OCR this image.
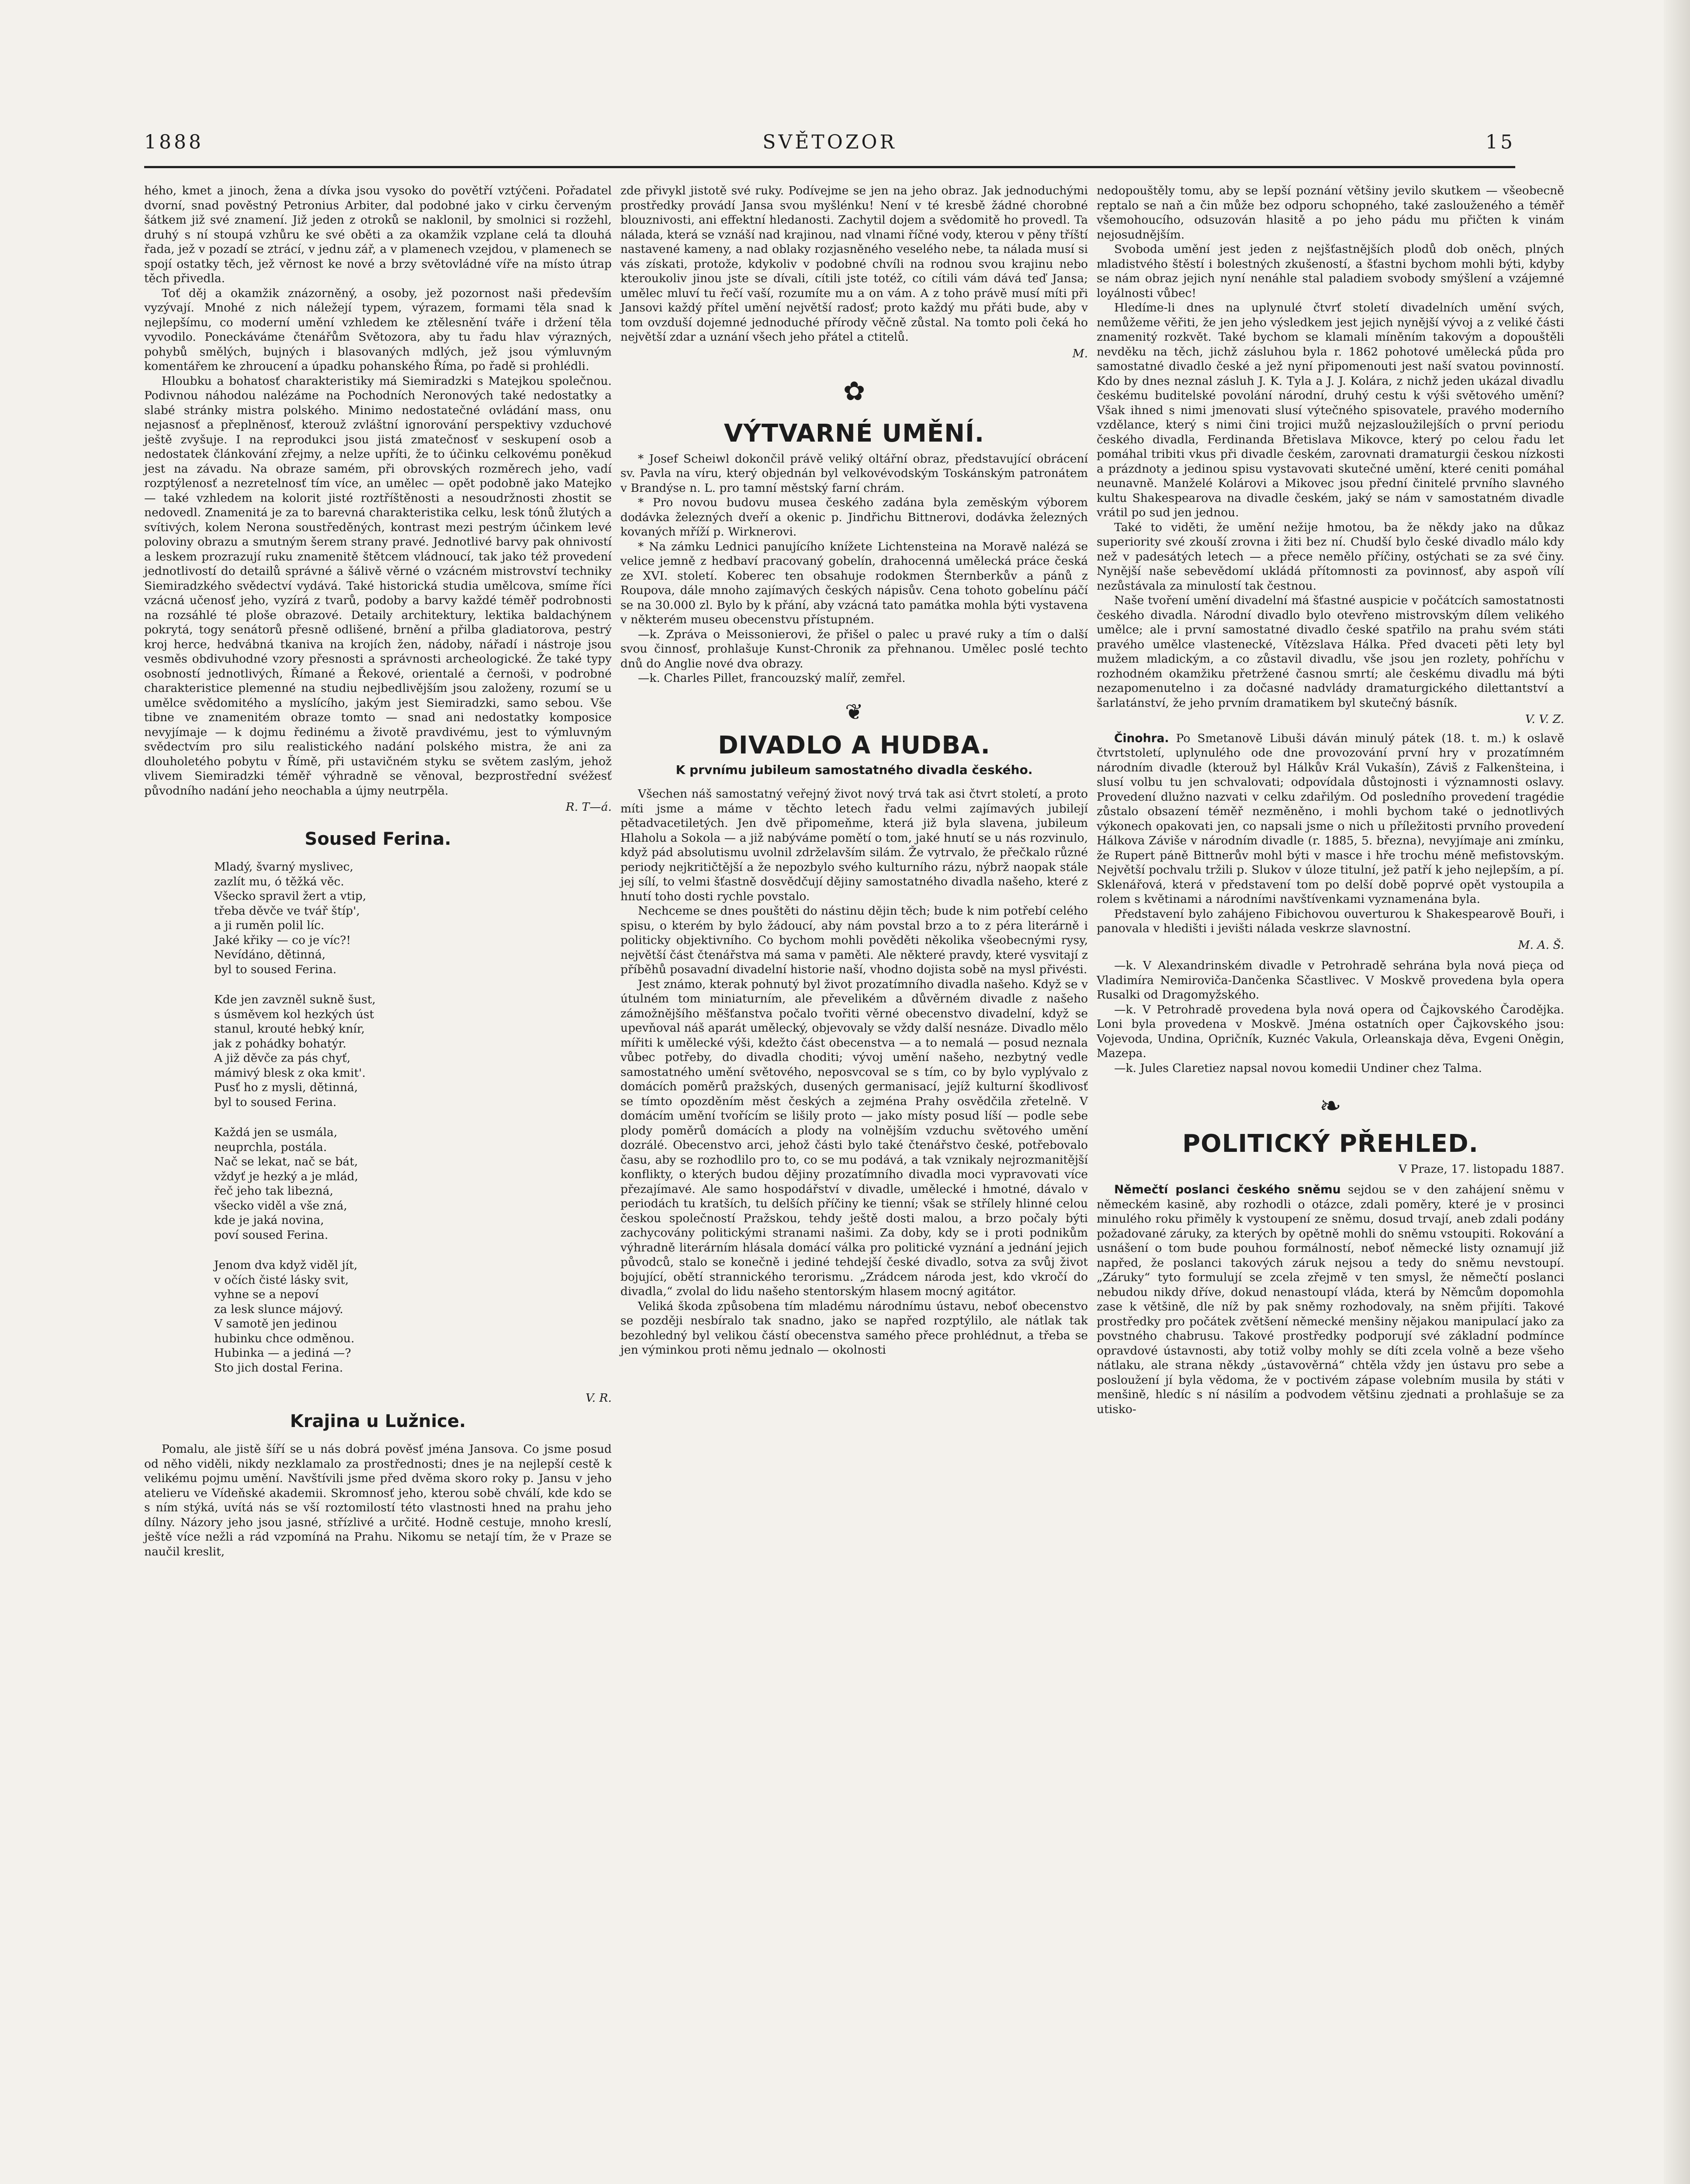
1888	SVĚTOZOR	15

hého, kmet a jinoch, žena a dívka jsou vysoko do povětří vztýčeni. Pořadatel dvorní, snad pověstný Petronius Arbiter, dal podobné jako v cirku červeným šátkem již své znamení. Již jeden z otroků se naklonil, by smolnici si rozžehl, druhý s ní stoupá vzhůru ke své oběti a za okamžik vzplane celá ta dlouhá řada, jež v pozadí se ztrácí, v jednu zář, a v plamenech vzejdou, v plamenech se spojí ostatky těch, jež věrnost ke nové a brzy světovládné víře na místo útrap těch přivedla.

Toť děj a okamžik znázorněný, a osoby, jež pozornost naši především vyzývají. Mnohé z nich náležejí typem, výrazem, formami těla snad k nejlepšímu, co moderní umění vzhledem ke ztělesnění tváře i držení těla vyvodilo. Poneckáváme čtenářům Světozora, aby tu řadu hlav výrazných, pohybů smělých, bujných i blasovaných mdlých, jež jsou výmluvným komentářem ke zhroucení a úpadku pohanského Říma, po řadě si prohlédli.

Hloubku a bohatosť charakteristiky má Siemiradzki s Matejkou společnou. Podivnou náhodou nalézáme na Pochodních Neronových také nedostatky a slabé stránky mistra polského. Minimo nedostatečné ovládání mass, onu nejasnosť a přeplněnosť, kterouž zvláštní ignorování perspektivy vzduchové ještě zvyšuje. I na reprodukci jsou jistá zmatečnosť v seskupení osob a nedostatek článkování zřejmy, a nelze upříti, že to účinku celkovému poněkud jest na závadu. Na obraze samém, při obrovských rozměrech jeho, vadí rozptýlenosť a nezretelnosť tím více, an umělec — opět podobně jako Matejko — také vzhledem na kolorit jisté roztříštěnosti a nesoudržnosti zhostit se nedovedl. Znamenitá je za to barevná charakteristika celku, lesk tónů žlutých a svítivých, kolem Nerona soustředěných, kontrast mezi pestrým účinkem levé poloviny obrazu a smutným šerem strany pravé. Jednotlivé barvy pak ohnivostí a leskem prozrazují ruku znamenitě štětcem vládnoucí, tak jako též provedení jednotlivostí do detailů správné a šálivě věrné o vzácném mistrovství techniky Siemiradzkého svědectví vydává. Také historická studia umělcova, smíme říci vzácná učenosť jeho, vyzírá z tvarů, podoby a barvy každé téměř podrobnosti na rozsáhlé té ploše obrazové. Detaily architektury, lektika baldachýnem pokrytá, togy senátorů přesně odlišené, brnění a přilba gladiatorova, pestrý kroj herce, hedvábná tkaniva na krojích žen, nádoby, nářadí i nástroje jsou vesměs obdivuhodné vzory přesnosti a správnosti archeologické. Že také typy osobností jednotlivých, Římané a Řekové, orientalé a černoši, v podrobné charakteristice plemenné na studiu nejbedlivějším jsou založeny, rozumí se u umělce svědomitého a myslícího, jakým jest Siemiradzki, samo sebou. Vše tibne ve znamenitém obraze tomto — snad ani nedostatky komposice nevyjímaje — k dojmu ředinému a životě pravdivému, jest to výmluvným svědectvím pro silu realistického nadání polského mistra, že ani za dlouholetého pobytu v Římě, při ustavičném styku se světem zasl​ým, jehož vlivem Siemiradzki téměř výhradně se věnoval, bezprostřední svéžesť původního nadání jeho neochabla a újmy neutrpěla.

R. T—á.
Soused Ferina.
Mladý, švarný myslivec,
zazlít mu, ó těžká věc.
Všecko spravil žert a vtip,
třeba děvče ve tvář štíp',
a ji ruměn polil líc.
Jaké křiky — co je víc?!
Nevídáno, dětinná,
byl to soused Ferina.
Kde jen zavzněl sukně šust,
s úsměvem kol hezkých úst
stanul, krouté hebký knír,
jak z pohádky bohatýr.
A již děvče za pás chyť,
mámivý blesk z oka kmit'.
Pusť ho z mysli, dětinná,
byl to soused Ferina.
Každá jen se usmála,
neuprchla, postála.
Nač se lekat, nač se bát,
vždyť je hezký a je mlád,
řeč jeho tak libezná,
všecko viděl a vše zná,
kde je jaká novina,
poví soused Ferina.
Jenom dva když viděl jít,
v očích čisté lásky svit,
vyhne se a nepoví
za lesk slunce májový.
V samotě jen jedinou
hubinku chce odměnou.
Hubinka — a jediná —?
Sto jich dostal Ferina.
V. R.
Krajina u Lužnice.

Pomalu, ale jistě šíří se u nás dobrá pověsť jména Jansova. Co jsme posud od něho viděli, nikdy nezklamalo za prostřednosti; dnes je na nejlepší cestě k velikému pojmu umění. Navštívili jsme před dvěma skoro roky p. Jansu v jeho atelieru ve Vídeňské akademii. Skromnosť jeho, kterou sobě chválí, kde kdo se s ním stýká, uvítá nás se vší roztomilostí této vlastnosti hned na prahu jeho dílny. Názory jeho jsou jasné, střízlivé a určité. Hodně cestuje, mnoho kreslí, ještě více nežli a rád vzpomíná na Prahu. Nikomu se netají tím, že v Praze se naučil kreslit,

zde přivykl jistotě své ruky. Podívejme se jen na jeho obraz. Jak jednoduchými prostředky provádí Jansa svou myšlénku! Není v té kresbě žádné chorobné blouznivosti, ani effektní hledanosti. Zachytil dojem a svědomitě ho provedl. Ta nálada, která se vznáší nad krajinou, nad vlnami říčné vody, kterou v pěny tříští nastavené kameny, a nad oblaky rozjasněného veselého nebe, ta nálada musí si vás získati, protože, kdykoliv v podobné chvíli na rodnou svou krajinu nebo kteroukoliv jinou jste se dívali, cítili jste totéž, co cítili vám dává teď Jansa; umělec mluví tu řečí vaší, rozumíte mu a on vám. A z toho právě musí míti při Jansovi každý přítel umění největší radosť; proto každý mu přáti bude, aby v tom ovzduší dojemné jednoduché přírody věčně zůstal. Na tomto poli čeká ho největší zdar a uznání všech jeho přátel a ctitelů.

M.
✿
VÝTVARNÉ UMĚNÍ.

* Josef Scheiwl dokončil právě veliký oltářní obraz, představující obrácení sv. Pavla na víru, který objednán byl velkovévodským Toskánským patronátem v Brandýse n. L. pro tamní městský farní chrám.

* Pro novou budovu musea českého zadána byla zeměským výborem dodávka železných dveří a okenic p. Jindřichu Bittnerovi, dodávka železných kovaných mříží p. Wirknerovi.

* Na zámku Lednici panujícího knížete Lichtensteina na Moravě nalézá se velice jemně z hedbaví pracovaný gobelín, drahocenná umělecká práce česká ze XVI. století. Koberec ten obsahuje rodokmen Šternberkův a pánů z Roupova, dále mnoho zajímavých českých nápisův. Cena tohoto gobelínu páčí se na 30.000 zl. Bylo by k přání, aby vzácná tato památka mohla býti vystavena v některém museu obecenstvu přístupném.

—k. Zpráva o Meissonierovi, že přišel o palec u pravé ruky a tím o další svou činnosť, prohlašuje Kunst-Chronik za přehnanou. Umělec poslé techto dnů do Anglie nové dva obrazy.

—k. Charles Pillet, francouzský malíř, zemřel.

❦
DIVADLO A HUDBA.
K prvnímu jubileum samostatného divadla českého.

Všechen náš samostatný veřejný život nový trvá tak asi čtvrt století, a proto míti jsme a máme v těchto letech řadu velmi zajímavých jubilejí pětadvacetiletých. Jen dvě připomeňme, která již byla slavena, jubileum Hlaholu a Sokola — a již nabýváme pomětí o tom, jaké hnutí se u nás rozvinulo, když pád absolutismu uvolnil zdrželavším silám. Že vytrvalo, že přečkalo různé periody nejkritičtější a že nepozbylo svého kulturního rázu, nýbrž naopak stále jej sílí, to velmi šťastně dosvědčují dějiny samostatného divadla našeho, které z hnutí toho dosti rychle povstalo.

Nechceme se dnes pouštěti do nástinu dějin těch; bude k nim potřebí celého spisu, o kterém by bylo žádoucí, aby nám povstal brzo a to z péra literárně i politicky objektivního. Co bychom mohli pověděti několika všeobecnými rysy, největší část čtenářstva má sama v paměti. Ale některé pravdy, které vysvitají z příběhů posavadní divadelní historie naší, vhodno dojista sobě na mysl přivésti.

Jest známo, kterak pohnutý byl život prozatímního divadla našeho. Když se v útulném tom miniaturním, ale převelikém a důvěrném divadle z našeho zámožnějšího měšťanstva počalo tvořiti věrné obecenstvo divadelní, když se upevňoval náš aparát umělecký, objevovaly se vždy další nesnáze. Divadlo mělo mířiti k umělecké výši, kdežto část obecenstva — a to nemalá — posud neznala vůbec potřeby, do divadla choditi; vývoj umění našeho, nezbytný vedle samostatného umění světového, neposvcoval se s tím, co by bylo vyplývalo z domácích poměrů pražských, dusených germanisací, jejíž kulturní škodlivosť se tímto opozděním měst českých a zejména Prahy osvědčila zřetelně. V domácím umění tvořícím se lišily proto — jako místy posud líší — podle sebe plody poměrů domácích a plody na volnějším vzduchu světového umění dozrálé. Obecenstvo arci, jehož části bylo také čtenářstvo české, potřebovalo času, aby se rozhodlilo pro to, co se mu podává, a tak vznikaly nejrozmanitější konflikty, o kterých budou dějiny prozatímního divadla moci vypravovati více přezajímavé. Ale samo hospodářství v divadle, umělecké i hmotné, dávalo v periodách tu kratších, tu delších příčiny ke tienní; však se střílely hlinné celou českou společností Pražskou, tehdy ještě dosti malou, a brzo počaly býti zachycovány politickými stranami našimi. Za doby, kdy se i proti podnikům výhradně literárním hlásala domácí válka pro politické vyznání a jednání jejich původců, stalo se konečně i jediné tehdejší české divadlo, sotva za svůj život bojující, obětí strannického terorismu. „Zrádcem národa jest, kdo vkročí do divadla,“ zvolal do lidu našeho stentorským hlasem mocný agitátor.

Veliká škoda způsobena tím mladému národnímu ústavu, neboť obecenstvo se později nesbíralo tak snadno, jako se napřed rozptýlilo, ale nátlak tak bezohledný byl velikou částí obecenstva samého přece prohlédnut, a třeba se jen výminkou proti němu jednalo — okolnosti

nedopouštěly tomu, aby se lepší poznání většiny jevilo skutkem — všeobecně reptalo se naň a čin může bez odporu schopného, také zaslouženého a téměř všemohoucího, odsuzován hlasitě a po jeho pádu mu přičten k vinám nejosudnějším.

Svoboda umění jest jeden z nejšťastnějších plodů dob oněch, plných mladistvého štěstí i bolestných zkušeností, a šťastni bychom mohli býti, kdyby se nám obraz jejich nyní nenáhle stal paladiem svobody smýšlení a vzájemné loyálnosti vůbec!

Hledíme-li dnes na uplynulé čtvrť století divadelních umění svých, nemůžeme věřiti, že jen jeho výsledkem jest jejich nynější vývoj a z veliké části znamenitý rozkvět. Také bychom se klamali míněním takovým a dopouštěli nevděku na těch, jichž zásluhou byla r. 1862 pohotové umělecká půda pro samostatné divadlo české a jež nyní připomenouti jest naší svatou povinností. Kdo by dnes neznal zásluh J. K. Tyla a J. J. Kolára, z nichž jeden ukázal divadlu českému buditelské povolání národní, druhý cestu k výši světového umění? Však ihned s nimi jmenovati slusí výtečného spisovatele, pravého moderního vzdělance, který s nimi čini trojici mužů nejzasloužilejších o první periodu českého divadla, Ferdinanda Břetislava Mikovce, který po celou řadu let pomáhal tribiti vkus při divadle českém, zarovnati dramaturgii českou nízkosti a prázdnoty a jedinou spisu vystavovati skutečné umění, které ceniti pomáhal neunavně. Manželé Kolárovi a Mikovec jsou přední činitelé prvního slavného kultu Shakespearova na divadle českém, jaký se nám v samostatném divadle vrátil po sud jen jednou.

Také to viděti, že umění nežije hmotou, ba že někdy jako na důkaz superiority své zkouší zrovna i žiti bez ní. Chudší bylo české divadlo málo kdy než v padesátých letech — a přece nemělo příčiny, ostýchati se za své činy. Nynější naše sebevědomí ukládá přítomnosti za povinnosť, aby aspoň vílí nezůstávala za minulostí tak čestnou.

Naše tvoření umění divadelní má šťastné auspicie v počátcích samostatnosti českého divadla. Národní divadlo bylo otevřeno mistrovským dílem velikého umělce; ale i první samostatné divadlo české spatřilo na prahu svém státi pravého umělce vlastenecké, Vítězslava Hálka. Před dvaceti pěti lety byl mužem mladickým, a co zůstavil divadlu, vše jsou jen rozlety, pohříchu v rozhodném okamžiku přetržené časnou smrtí; ale českému divadlu má býti nezapomenutelno i za dočasné nadvlády dramaturgického dilettantství a šarlatánství, že jeho prvním dramatikem byl skutečný básník.

V. V. Z.

Činohra. Po Smetanově Libuši dáván minulý pátek (18. t. m.) k oslavě čtvrtstoletí, uplynulého ode dne provozování první hry v prozatímném národním divadle (kterouž byl Hálkův Král Vukašín), Záviš z Falkenšteina, i slusí volbu tu jen schvalovati; odpovídala důstojnosti i významnosti oslavy. Provedení dlužno nazvati v celku zdařilým. Od posledního provedení tragédie zůstalo obsazení téměř nezměněno, i mohli bychom také o jednotlivých výkonech opakovati jen, co napsali jsme o nich u příležitosti prvního provedení Hálkova Záviše v národním divadle (r. 1885, 5. března), nevyjímaje ani zmínku, že Rupert páně Bittnerův mohl býti v masce i hře trochu méně mefistovským. Největší pochvalu tržili p. Slukov v úloze titulní, jež patří k jeho nejlepším, a pí. Sklenářová, která v představení tom po delší době poprvé opět vystoupila a rolem s květinami a národními navštívenkami vyznamenána byla.

Představení bylo zahájeno Fibichovou ouverturou k Shakespearově Bouři, i panovala v hledišti i jevišti nálada veskrze slavnostní.

M. A. Š.

—k. V Alexandrinském divadle v Petrohradě sehrána byla nová pieça od Vladimíra Nemiroviča-Dančenka Sčastlivec. V Moskvě provedena byla opera Rusalki od Dragomyžského.

—k. V Petrohradě provedena byla nová opera od Čajkovského Čarodějka. Loni byla provedena v Moskvě. Jména ostatních oper Čajkovského jsou: Vojevoda, Undina, Opričník, Kuznéc Vakula, Orleanskaja děva, Evgeni Oněgin, Mazepa.

—k. Jules Claretiez napsal novou komedii Undiner chez Talma.

❧
POLITICKÝ PŘEHLED.
V Praze, 17. listopadu 1887.

Němečtí poslanci českého sněmu sejdou se v den zahájení sněmu v německém kasině, aby rozhodli o otázce, zdali poměry, které je v prosinci minulého roku přiměly k vystoupení ze sněmu, dosud trvají, aneb zdali podány požadované záruky, za kterých by opětně mohli do sněmu vstoupiti. Rokování a usnášení o tom bude pouhou formálností, neboť německé listy oznamují již napřed, že poslanci takových záruk nejsou a tedy do sněmu nevstoupí. „Záruky“ tyto formulují se zcela zřejmě v ten smysl, že němečtí poslanci nebudou nikdy dříve, dokud nenastoupí vláda, která by Němcům dopomohla zase k většině, dle níž by pak sněmy rozhodovaly, na sněm přijíti. Takové prostředky pro počátek zvětšení německé menšiny nějakou manipulací jako za povstného chabrusu. Takové prostředky podporují své základní podmínce opravdové ústavnosti, aby totiž volby mohly se díti zcela volně a beze všeho nátlaku, ale strana někdy „ústavověrná“ chtěla vždy jen ústavu pro sebe a posloužení jí byla vědoma, že v poctivém zápase volebním musila by státi v menšině, hledíc s ní násilím a podvodem většinu zjednati a prohlašuje se za utisko-
